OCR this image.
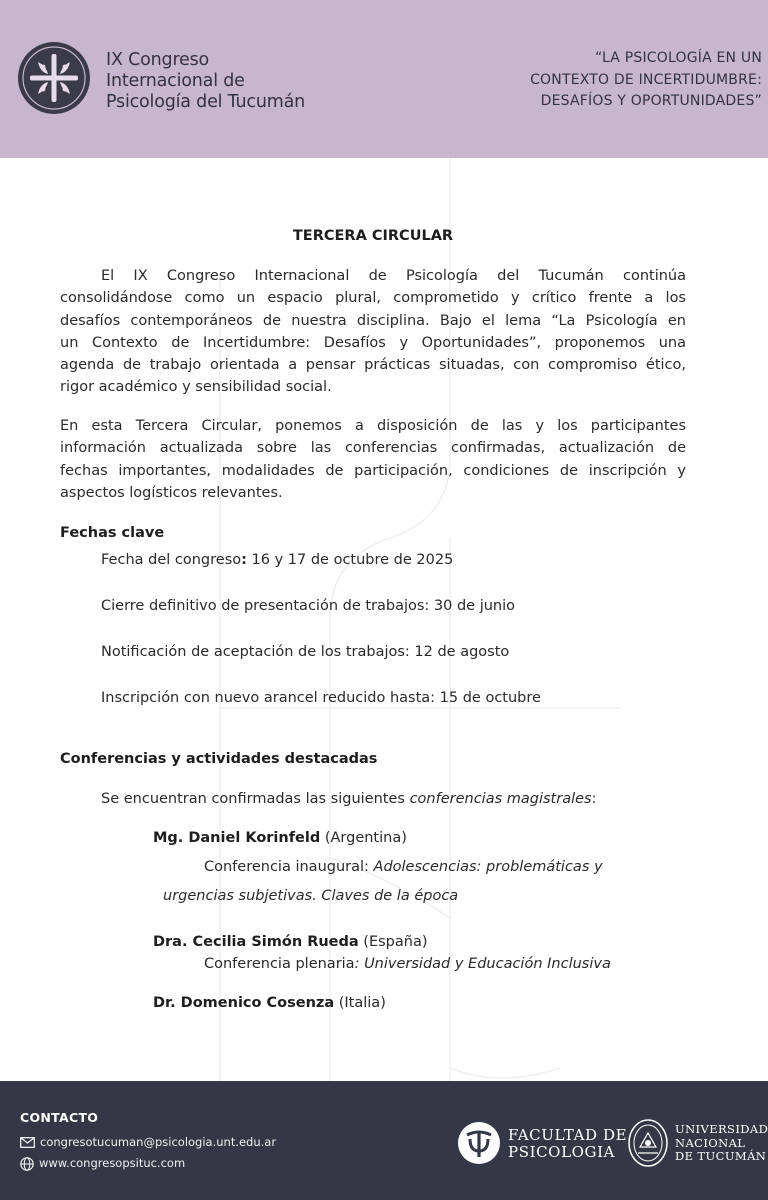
IX Congreso
Internacional de
Psicología del Tucumán
“LA PSICOLOGÍA EN UN
CONTEXTO DE INCERTIDUMBRE:
DESAFÍOS Y OPORTUNIDADES”
TERCERA CIRCULAR
El IX Congreso Internacional de Psicología del Tucumán continúa
consolidándose como un espacio plural, comprometido y crítico frente a los
desafíos contemporáneos de nuestra disciplina. Bajo el lema “La Psicología en
un Contexto de Incertidumbre: Desafíos y Oportunidades”, proponemos una
agenda de trabajo orientada a pensar prácticas situadas, con compromiso ético,
rigor académico y sensibilidad social.
En esta Tercera Circular, ponemos a disposición de las y los participantes
información actualizada sobre las conferencias confirmadas, actualización de
fechas importantes, modalidades de participación, condiciones de inscripción y
aspectos logísticos relevantes.
Fechas clave
Fecha del congreso: 16 y 17 de octubre de 2025
Cierre definitivo de presentación de trabajos: 30 de junio
Notificación de aceptación de los trabajos: 12 de agosto
Inscripción con nuevo arancel reducido hasta: 15 de octubre
Conferencias y actividades destacadas
Se encuentran confirmadas las siguientes conferencias magistrales:
Mg. Daniel Korinfeld (Argentina)
Conferencia inaugural: Adolescencias: problemáticas y
urgencias subjetivas. Claves de la época
Dra. Cecilia Simón Rueda (España)
Conferencia plenaria: Universidad y Educación Inclusiva
Dr. Domenico Cosenza (Italia)
CONTACTO
congresotucuman@psicologia.unt.edu.ar
www.congresopsituc.com
FACULTAD DE
PSICOLOGIA
UNIVERSIDAD
NACIONAL
DE TUCUMÁN
